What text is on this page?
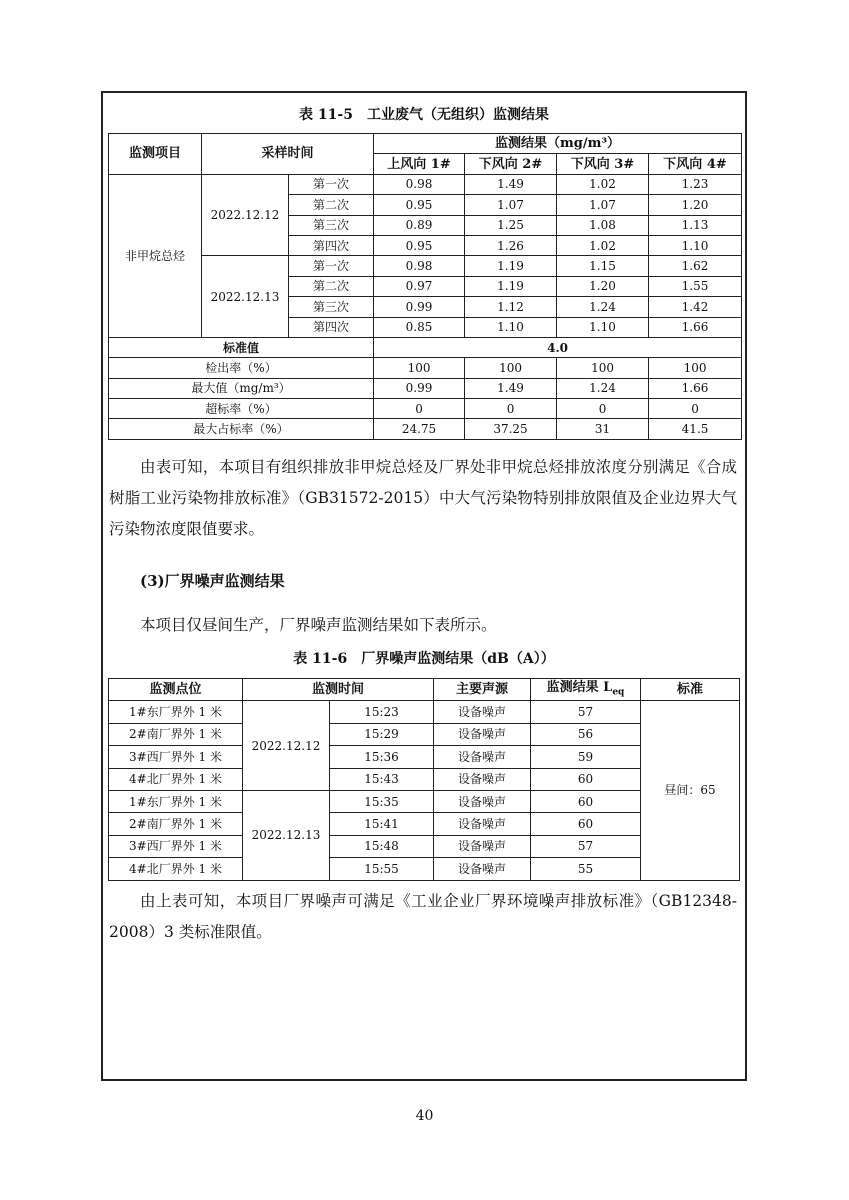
表 11-5　工业废气（无组织）监测结果
监测项目	采样时间		监测结果（mg/m³）			
			上风向 1#	下风向 2#	下风向 3#	下风向 4#
非甲烷总烃	2022.12.12	第一次	0.98	1.49	1.02	1.23
		第二次	0.95	1.07	1.07	1.20
		第三次	0.89	1.25	1.08	1.13
		第四次	0.95	1.26	1.02	1.10
	2022.12.13	第一次	0.98	1.19	1.15	1.62
		第二次	0.97	1.19	1.20	1.55
		第三次	0.99	1.12	1.24	1.42
		第四次	0.85	1.10	1.10	1.66
标准值			4.0			
检出率（%）			100	100	100	100
最大值（mg/m³）			0.99	1.49	1.24	1.66
超标率（%）			0	0	0	0
最大占标率（%）			24.75	37.25	31	41.5
由表可知，本项目有组织排放非甲烷总烃及厂界处非甲烷总烃排放浓度分别满足《合成树脂工业污染物排放标准》（GB31572-2015）中大气污染物特别排放限值及企业边界大气污染物浓度限值要求。
(3)厂界噪声监测结果
本项目仅昼间生产，厂界噪声监测结果如下表所示。
表 11-6　厂界噪声监测结果（dB（A））
监测点位	监测时间		主要声源	监测结果 $L_{eq}$	标准
1#东厂界外 1 米	2022.12.12	15:23	设备噪声	57	昼间：65
2#南厂界外 1 米		15:29	设备噪声	56	
3#西厂界外 1 米		15:36	设备噪声	59	
4#北厂界外 1 米		15:43	设备噪声	60	
1#东厂界外 1 米	2022.12.13	15:35	设备噪声	60	
2#南厂界外 1 米		15:41	设备噪声	60	
3#西厂界外 1 米		15:48	设备噪声	57	
4#北厂界外 1 米		15:55	设备噪声	55	
由上表可知，本项目厂界噪声可满足《工业企业厂界环境噪声排放标准》（GB12348-2008）3 类标准限值。
40
